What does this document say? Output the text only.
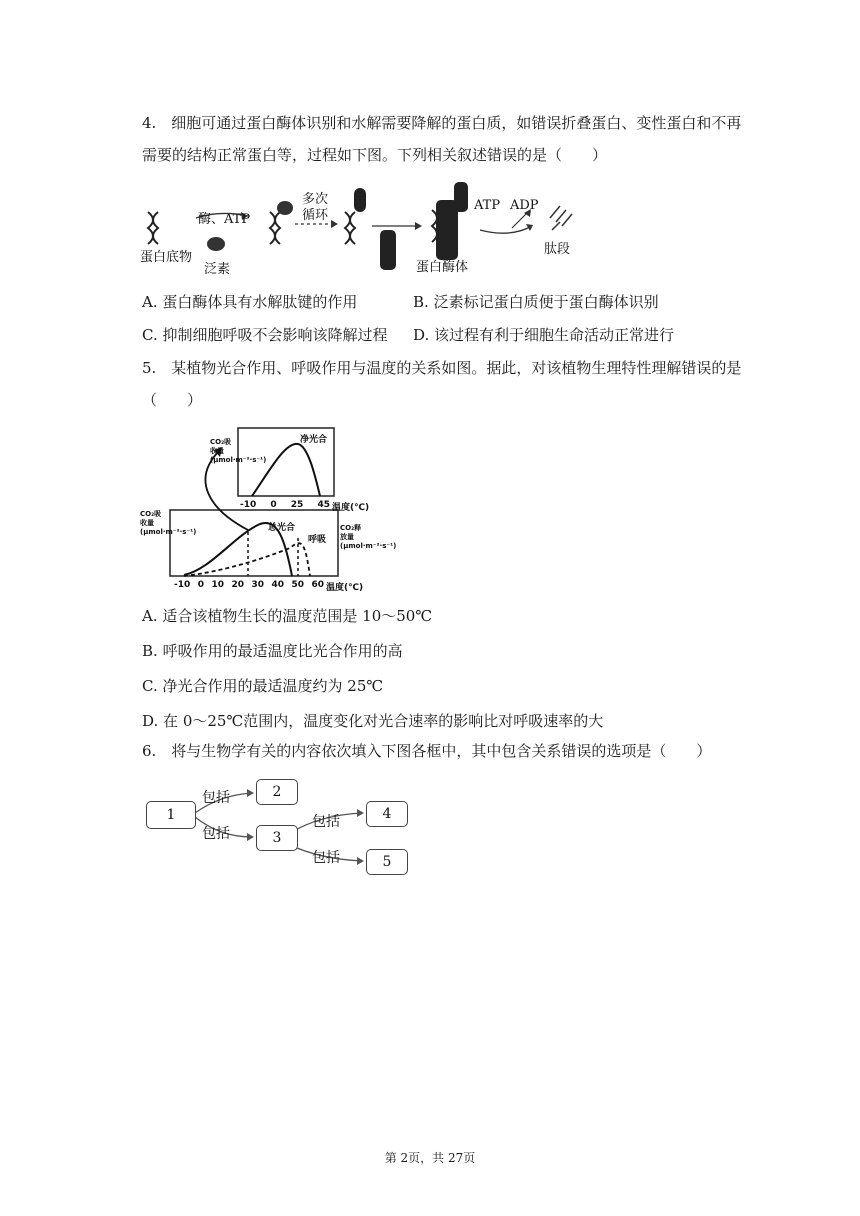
4.　细胞可通过蛋白酶体识别和水解需要降解的蛋白质，如错误折叠蛋白、变性蛋白和不再需要的结构正常蛋白等，过程如下图。下列相关叙述错误的是（　　）

蛋白底物
泛素
酶、ATP
多次循环
蛋白酶体
ATP ADP
肽段
A. 蛋白酶体具有水解肽键的作用	B. 泛素标记蛋白质便于蛋白酶体识别
C. 抑制细胞呼吸不会影响该降解过程 D. 该过程有利于细胞生命活动正常进行

5.　某植物光合作用、呼吸作用与温度的关系如图。据此，对该植物生理特性理解错误的是（　　）

净光合
CO₂吸收量 (μmol·m⁻²·s⁻¹)
-10 0 25 45 温度(℃)
CO₂吸收量 (μmol·m⁻²·s⁻¹)	CO₂释放量 (μmol·m⁻²·s⁻¹)
总光合
呼吸
-10 0 10 20 30 40 50 60 温度(℃)
A. 适合该植物生长的温度范围是 10～50℃
B. 呼吸作用的最适温度比光合作用的高
C. 净光合作用的最适温度约为 25℃
D. 在 0～25℃范围内，温度变化对光合速率的影响比对呼吸速率的大

6.　将与生物学有关的内容依次填入下图各框中，其中包含关系错误的选项是（　　）

1
2
3
4
5
包括
包括
包括
包括
第 2页，共 27页
